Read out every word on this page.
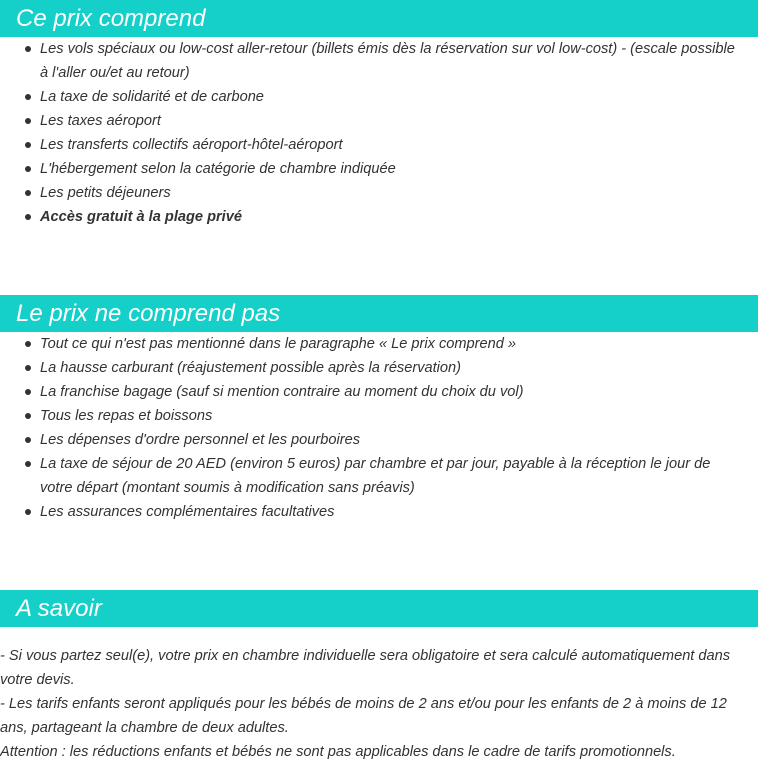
Ce prix comprend
Les vols spéciaux ou low-cost aller-retour (billets émis dès la réservation sur vol low-cost) - (escale possible à l'aller ou/et au retour)
La taxe de solidarité et de carbone
Les taxes aéroport
Les transferts collectifs aéroport-hôtel-aéroport
L'hébergement selon la catégorie de chambre indiquée
Les petits déjeuners
Accès gratuit à la plage privé
Le prix ne comprend pas
Tout ce qui n'est pas mentionné dans le paragraphe « Le prix comprend »
La hausse carburant (réajustement possible après la réservation)
La franchise bagage (sauf si mention contraire au moment du choix du vol)
Tous les repas et boissons
Les dépenses d'ordre personnel et les pourboires
La taxe de séjour de 20 AED (environ 5 euros) par chambre et par jour, payable à la réception le jour de votre départ (montant soumis à modification sans préavis)
Les assurances complémentaires facultatives
A savoir

- Si vous partez seul(e), votre prix en chambre individuelle sera obligatoire et sera calculé automatiquement dans votre devis.

- Les tarifs enfants seront appliqués pour les bébés de moins de 2 ans et/ou pour les enfants de 2 à moins de 12 ans, partageant la chambre de deux adultes.

Attention : les réductions enfants et bébés ne sont pas applicables dans le cadre de tarifs promotionnels.
